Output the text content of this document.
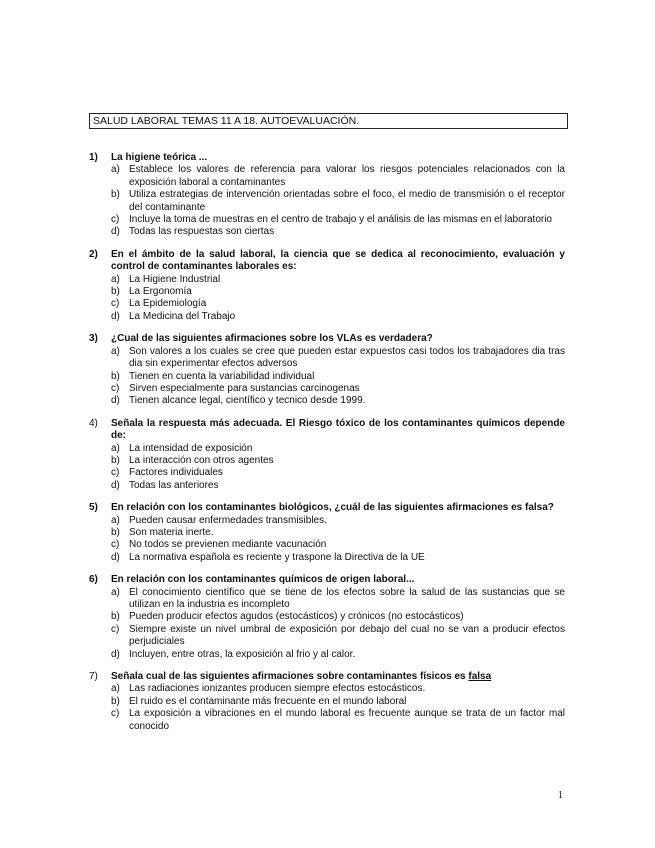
SALUD LABORAL TEMAS 11 A 18. AUTOEVALUACIÓN.
1)	La higiene teórica ...
a) Establece los valores de referencia para valorar los riesgos potenciales relacionados con la exposición laboral a contaminantes
b) Utiliza estrategias de intervención orientadas sobre el foco, el medio de transmisión o el receptor del contaminante
c) Incluye la toma de muestras en el centro de trabajo y el análisis de las mismas en el laboratorio
d) Todas las respuestas son ciertas
2)	En el ámbito de la salud laboral, la ciencia que se dedica al reconocimiento, evaluación y control de contaminantes laborales es:
a) La Higiene Industrial
b) La Ergonomía
c) La Epidemiología
d) La Medicina del Trabajo
3)	¿Cual de las siguientes afirmaciones sobre los VLAs es verdadera?
a) Son valores a los cuales se cree que pueden estar expuestos casi todos los trabajadores dia tras dia sin experimentar efectos adversos
b) Tienen en cuenta la variabilidad individual
c) Sirven especialmente para sustancias carcinogenas
d) Tienen alcance legal, científico y tecnico desde 1999.
4)	Señala la respuesta más adecuada. El Riesgo tóxico de los contaminantes químicos depende de:
a) La intensidad de exposición
b) La interacción con otros agentes
c) Factores individuales
d) Todas las anteriores
5)	En relación con los contaminantes biológicos, ¿cuál de las siguientes afirmaciones es falsa?
a) Pueden causar enfermedades transmisibles.
b) Son materia inerte.
c) No todos se previenen mediante vacunación
d) La normativa española es reciente y traspone la Directiva de la UE
6)	En relación con los contaminantes químicos de origen laboral...
a) El conocimiento científico que se tiene de los efectos sobre la salud de las sustancias que se utilizan en la industria es incompleto
b) Pueden producir efectos agudos (estocásticos) y crónicos (no estocásticos)
c) Siempre existe un nivel umbral de exposición por debajo del cual no se van a producir efectos perjudiciales
d) Incluyen, entre otras, la exposición al frio y al calor.
7)	Señala cual de las siguientes afirmaciones sobre contaminantes físicos es falsa
a) Las radiaciones ionizantes producen siempre efectos estocásticos.
b) El ruido es el contaminante más frecuente en el mundo laboral
c) La exposición a vibraciones en el mundo laboral es frecuente aunque se trata de un factor mal conocido
1
